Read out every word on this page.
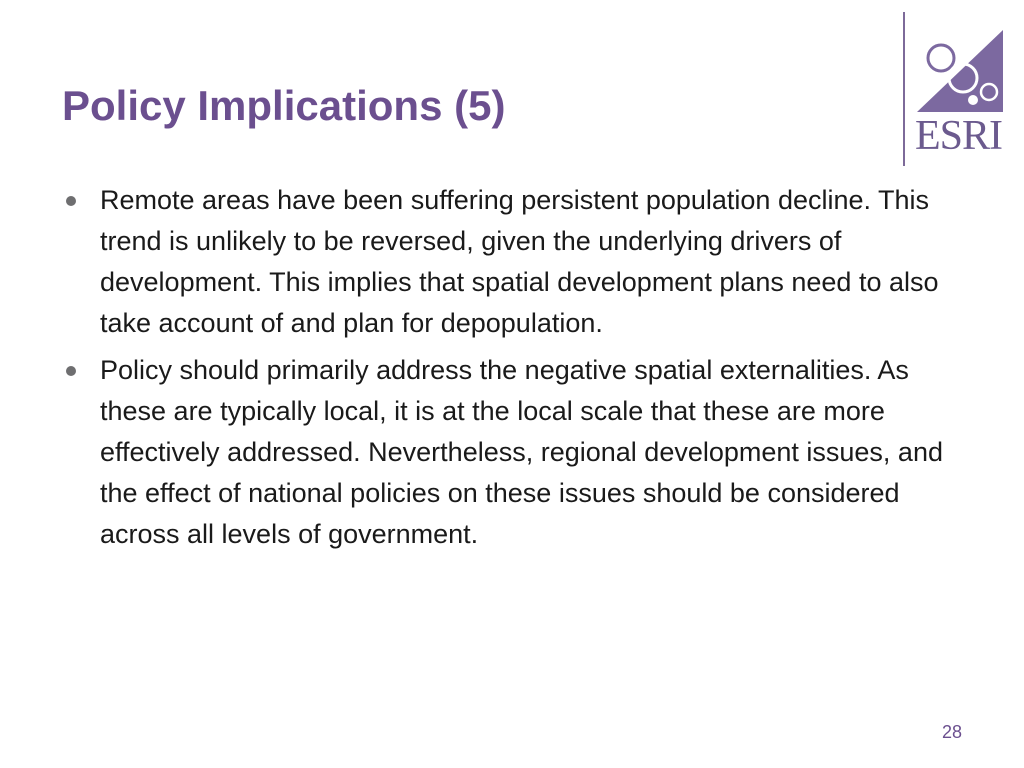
Policy Implications (5)
ESRI
Remote areas have been suffering persistent population decline. This trend is unlikely to be reversed, given the underlying drivers of development. This implies that spatial development plans need to also take account of and plan for depopulation.
Policy should primarily address the negative spatial externalities. As these are typically local, it is at the local scale that these are more effectively addressed. Nevertheless, regional development issues, and the effect of national policies on these issues should be considered across all levels of government.
28
